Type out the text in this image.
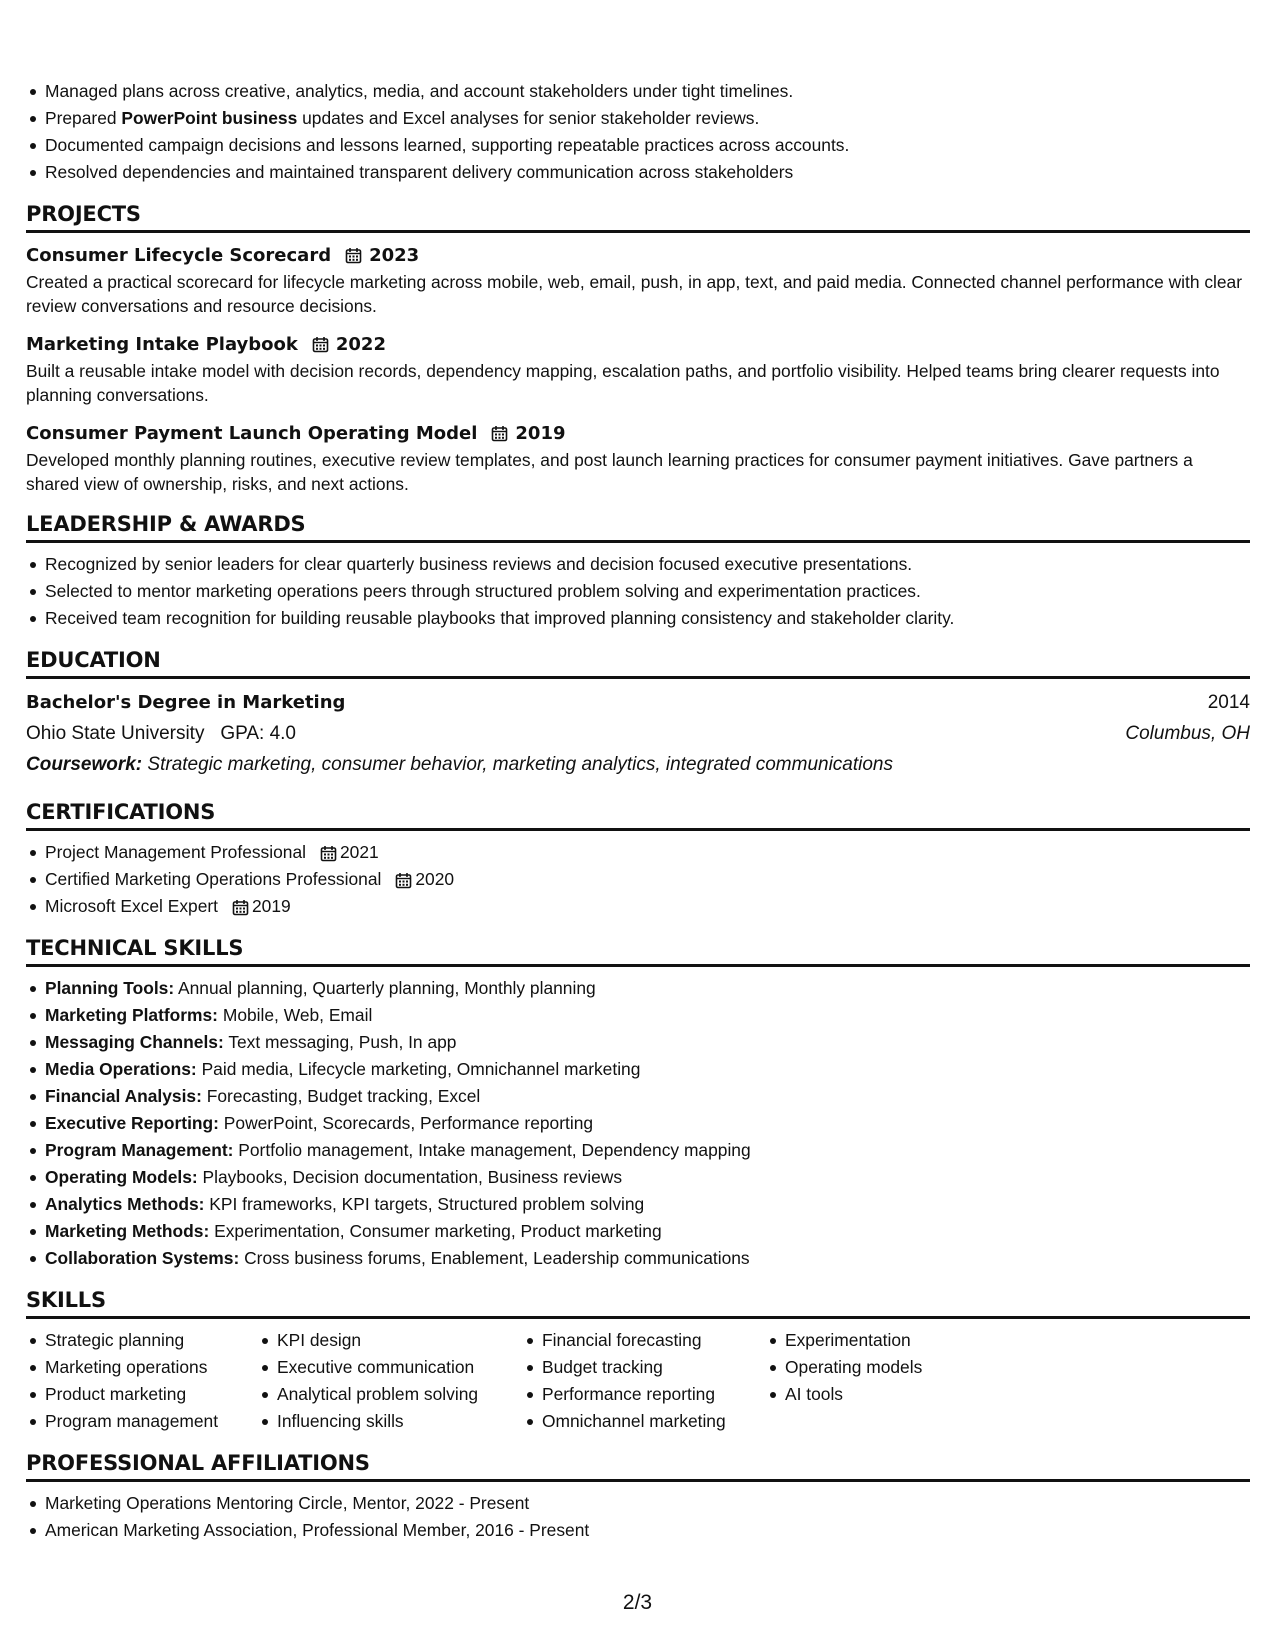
Managed plans across creative, analytics, media, and account stakeholders under tight timelines.
Prepared PowerPoint business updates and Excel analyses for senior stakeholder reviews.
Documented campaign decisions and lessons learned, supporting repeatable practices across accounts.
Resolved dependencies and maintained transparent delivery communication across stakeholders
PROJECTS
Consumer Lifecycle Scorecard 2023
Created a practical scorecard for lifecycle marketing across mobile, web, email, push, in app, text, and paid media. Connected channel performance with clear review conversations and resource decisions.
Marketing Intake Playbook 2022
Built a reusable intake model with decision records, dependency mapping, escalation paths, and portfolio visibility. Helped teams bring clearer requests into planning conversations.
Consumer Payment Launch Operating Model 2019
Developed monthly planning routines, executive review templates, and post launch learning practices for consumer payment initiatives. Gave partners a shared view of ownership, risks, and next actions.
LEADERSHIP & AWARDS
Recognized by senior leaders for clear quarterly business reviews and decision focused executive presentations.
Selected to mentor marketing operations peers through structured problem solving and experimentation practices.
Received team recognition for building reusable playbooks that improved planning consistency and stakeholder clarity.
EDUCATION
Bachelor's Degree in Marketing	2014
Ohio State University GPA: 4.0	Columbus, OH
Coursework: Strategic marketing, consumer behavior, marketing analytics, integrated communications
CERTIFICATIONS
Project Management Professional 2021
Certified Marketing Operations Professional 2020
Microsoft Excel Expert 2019
TECHNICAL SKILLS
Planning Tools: Annual planning, Quarterly planning, Monthly planning
Marketing Platforms: Mobile, Web, Email
Messaging Channels: Text messaging, Push, In app
Media Operations: Paid media, Lifecycle marketing, Omnichannel marketing
Financial Analysis: Forecasting, Budget tracking, Excel
Executive Reporting: PowerPoint, Scorecards, Performance reporting
Program Management: Portfolio management, Intake management, Dependency mapping
Operating Models: Playbooks, Decision documentation, Business reviews
Analytics Methods: KPI frameworks, KPI targets, Structured problem solving
Marketing Methods: Experimentation, Consumer marketing, Product marketing
Collaboration Systems: Cross business forums, Enablement, Leadership communications
SKILLS
Strategic planning
Marketing operations
Product marketing
Program management
KPI design
Executive communication
Analytical problem solving
Influencing skills
Financial forecasting
Budget tracking
Performance reporting
Omnichannel marketing
Experimentation
Operating models
AI tools
PROFESSIONAL AFFILIATIONS
Marketing Operations Mentoring Circle, Mentor, 2022 - Present
American Marketing Association, Professional Member, 2016 - Present
2/3
